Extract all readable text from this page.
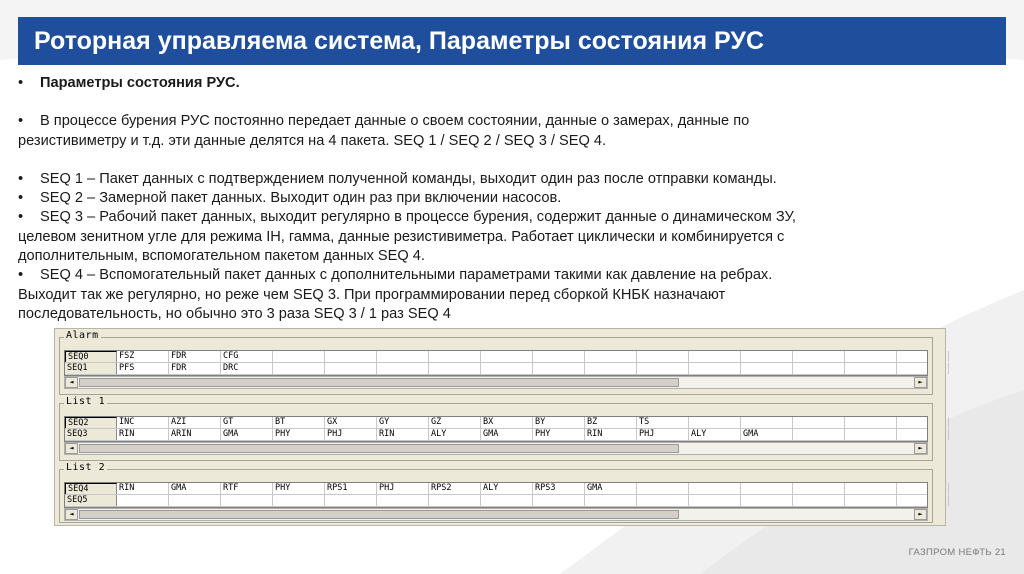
Роторная управляема система, Параметры состояния РУС

• Параметры состояния РУС.

• В процессе бурения РУС постоянно передает данные о своем состоянии, данные о замерах, данные по

резистивиметру и т.д. эти данные делятся на 4 пакета. SEQ 1 / SEQ 2 / SEQ 3 / SEQ 4.

• SEQ 1 – Пакет данных с подтверждением полученной команды, выходит один раз после отправки команды.

• SEQ 2 – Замерной пакет данных. Выходит один раз при включении насосов.

• SEQ 3 – Рабочий пакет данных, выходит регулярно в процессе бурения, содержит данные о динамическом ЗУ,

целевом зенитном угле для режима IH, гамма, данные резистивиметра. Работает циклически и комбинируется с

дополнительным, вспомогательном пакетом данных SEQ 4.

• SEQ 4 – Вспомогательный пакет данных с дополнительными параметрами такими как давление на ребрах.

Выходит так же регулярно, но реже чем SEQ 3. При программировании перед сборкой КНБК назначают

последовательность, но обычно это 3 раза SEQ 3 / 1 раз SEQ 4

Alarm
SEQ0	FSZ	FDR	CFG
SEQ1	PFS	FDR	DRC
◄	►
List 1
SEQ2	INC	AZI	GT	BT	GX	GY	GZ	BX	BY	BZ	TS
SEQ3	RIN	ARIN	GMA	PHY	PHJ	RIN	ALY	GMA	PHY	RIN	PHJ	ALY	GMA
◄	►
List 2
SEQ4	RIN	GMA	RTF	PHY	RPS1	PHJ	RPS2	ALY	RPS3	GMA
SEQ5
◄	►
ГАЗПРОМ НЕФТЬ 21
